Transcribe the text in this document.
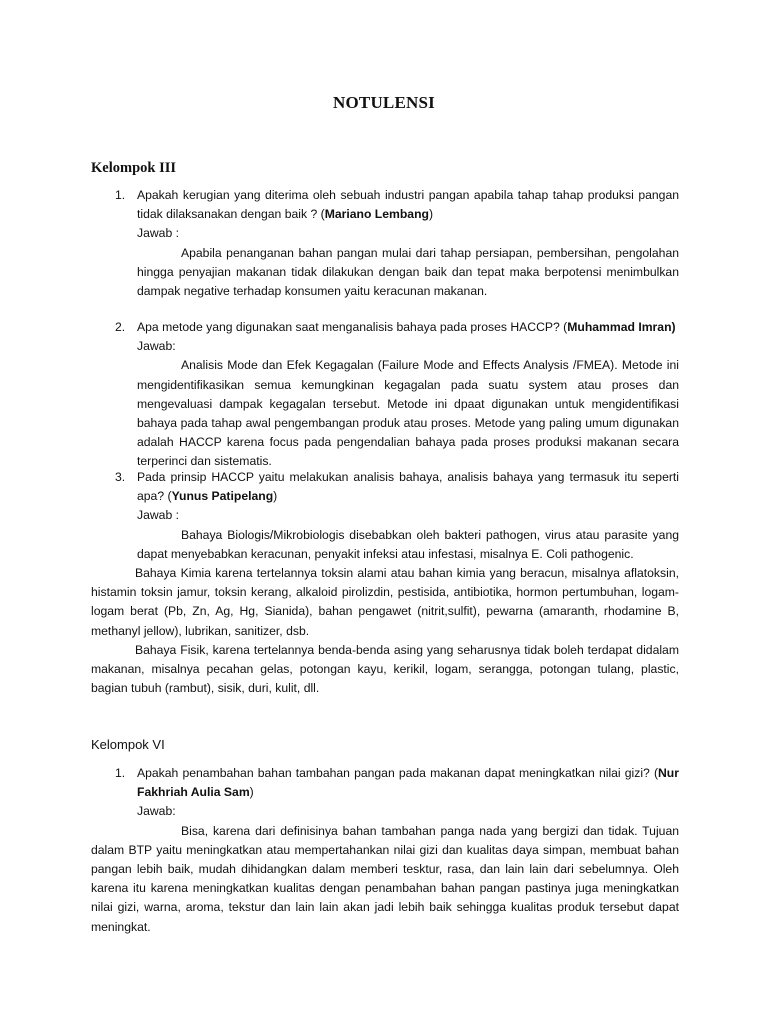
NOTULENSI
Kelompok III
1. Apakah kerugian yang diterima oleh sebuah industri pangan apabila tahap tahap produksi pangan tidak dilaksanakan dengan baik ? (Mariano Lembang)
Jawab :

Apabila penanganan bahan pangan mulai dari tahap persiapan, pembersihan, pengolahan hingga penyajian makanan tidak dilakukan dengan baik dan tepat maka berpotensi menimbulkan dampak negative terhadap konsumen yaitu keracunan makanan.

2. Apa metode yang digunakan saat menganalisis bahaya pada proses HACCP? (Muhammad Imran)
Jawab:

Analisis Mode dan Efek Kegagalan (Failure Mode and Effects Analysis /FMEA). Metode ini mengidentifikasikan semua kemungkinan kegagalan pada suatu system atau proses dan mengevaluasi dampak kegagalan tersebut. Metode ini dpaat digunakan untuk mengidentifikasi bahaya pada tahap awal pengembangan produk atau proses. Metode yang paling umum digunakan adalah HACCP karena focus pada pengendalian bahaya pada proses produksi makanan secara terperinci dan sistematis.

3. Pada prinsip HACCP yaitu melakukan analisis bahaya, analisis bahaya yang termasuk itu seperti apa? (Yunus Patipelang)
Jawab :

Bahaya Biologis/Mikrobiologis disebabkan oleh bakteri pathogen, virus atau parasite yang dapat menyebabkan keracunan, penyakit infeksi atau infestasi, misalnya E. Coli pathogenic.

Bahaya Kimia karena tertelannya toksin alami atau bahan kimia yang beracun, misalnya aflatoksin, histamin toksin jamur, toksin kerang, alkaloid pirolizdin, pestisida, antibiotika, hormon pertumbuhan, logam-logam berat (Pb, Zn, Ag, Hg, Sianida), bahan pengawet (nitrit,sulfit), pewarna (amaranth, rhodamine B, methanyl jellow), lubrikan, sanitizer, dsb.

Bahaya Fisik, karena tertelannya benda-benda asing yang seharusnya tidak boleh terdapat didalam makanan, misalnya pecahan gelas, potongan kayu, kerikil, logam, serangga, potongan tulang, plastic, bagian tubuh (rambut), sisik, duri, kulit, dll.

Kelompok VI
1. Apakah penambahan bahan tambahan pangan pada makanan dapat meningkatkan nilai gizi? (Nur Fakhriah Aulia Sam)
Jawab:

Bisa, karena dari definisinya bahan tambahan panga nada yang bergizi dan tidak. Tujuan dalam BTP yaitu meningkatkan atau mempertahankan nilai gizi dan kualitas daya simpan, membuat bahan pangan lebih baik, mudah dihidangkan dalam memberi tesktur, rasa, dan lain lain dari sebelumnya. Oleh karena itu karena meningkatkan kualitas dengan penambahan bahan pangan pastinya juga meningkatkan nilai gizi, warna, aroma, tekstur dan lain lain akan jadi lebih baik sehingga kualitas produk tersebut dapat meningkat.
